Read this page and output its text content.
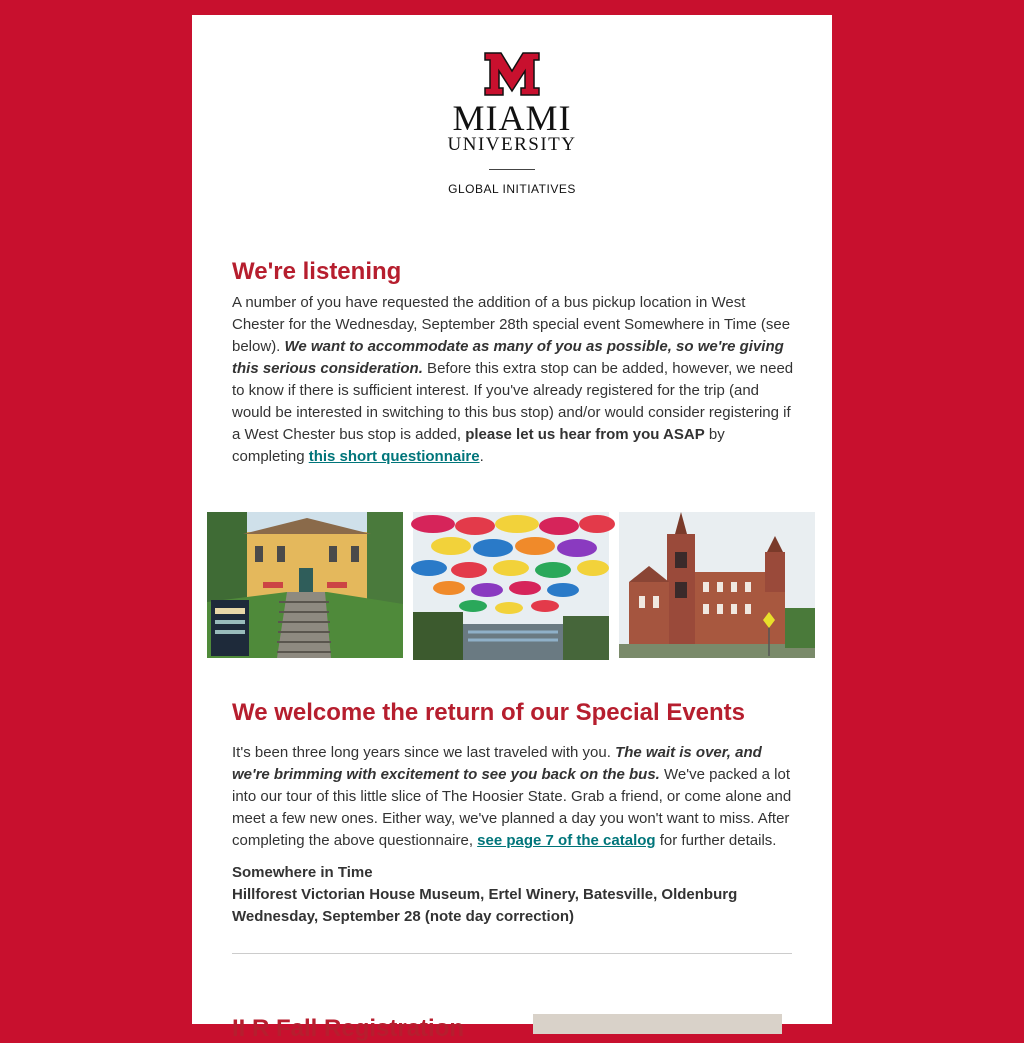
MIAMI
UNIVERSITY
GLOBAL INITIATIVES
We're listening

A number of you have requested the addition of a bus pickup location in West Chester for the Wednesday, September 28th special event Somewhere in Time (see below). We want to accommodate as many of you as possible, so we're giving this serious consideration. Before this extra stop can be added, however, we need to know if there is sufficient interest. If you've already registered for the trip (and would be interested in switching to this bus stop) and/or would consider registering if a West Chester bus stop is added, please let us hear from you ASAP by completing this short questionnaire.

We welcome the return of our Special Events

It's been three long years since we last traveled with you. The wait is over, and we're brimming with excitement to see you back on the bus. We've packed a lot into our tour of this little slice of The Hoosier State. Grab a friend, or come alone and meet a few new ones. Either way, we've planned a day you won't want to miss. After completing the above questionnaire, see page 7 of the catalog for further details.

Somewhere in Time

Hillforest Victorian House Museum, Ertel Winery, Batesville, Oldenburg

Wednesday, September 28 (note day correction)

II R Fall Registration
